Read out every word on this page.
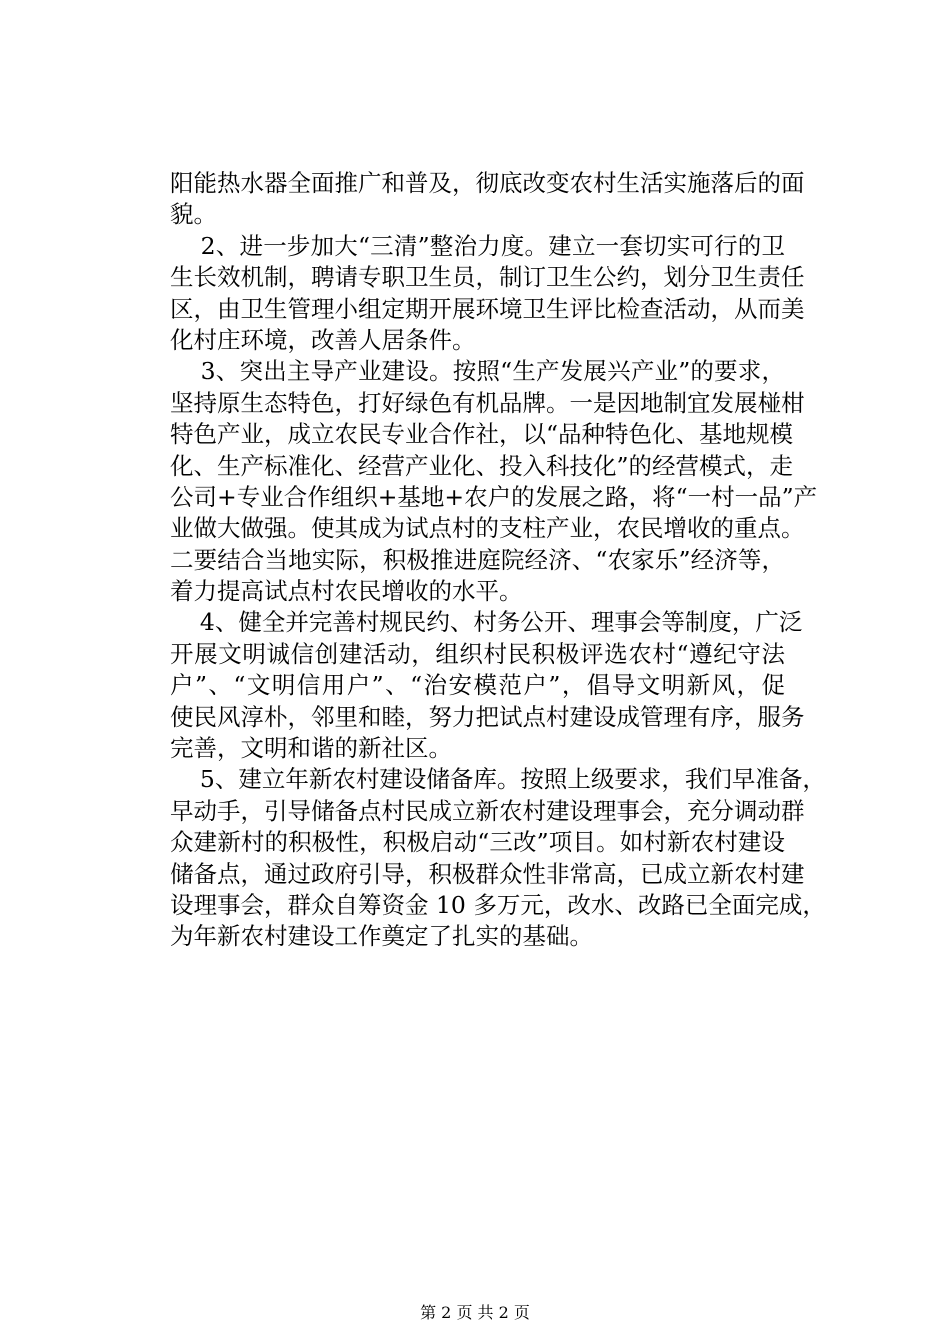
阳能热水器全面推广和普及，彻底改变农村生活实施落后的面
貌。
2、进一步加大“三清”整治力度。建立一套切实可行的卫
生长效机制，聘请专职卫生员，制订卫生公约，划分卫生责任
区，由卫生管理小组定期开展环境卫生评比检查活动，从而美
化村庄环境，改善人居条件。
3、突出主导产业建设。按照“生产发展兴产业”的要求，
坚持原生态特色，打好绿色有机品牌。一是因地制宜发展椪柑
特色产业，成立农民专业合作社，以“品种特色化、基地规模
化、生产标准化、经营产业化、投入科技化”的经营模式，走
公司+专业合作组织+基地+农户的发展之路，将“一村一品”产
业做大做强。使其成为试点村的支柱产业，农民增收的重点。
二要结合当地实际，积极推进庭院经济、“农家乐”经济等，
着力提高试点村农民增收的水平。
4、健全并完善村规民约、村务公开、理事会等制度，广泛
开展文明诚信创建活动，组织村民积极评选农村“遵纪守法
户”、“文明信用户”、“治安模范户”，倡导文明新风，促
使民风淳朴，邻里和睦，努力把试点村建设成管理有序，服务
完善，文明和谐的新社区。
5、建立年新农村建设储备库。按照上级要求，我们早准备，
早动手，引导储备点村民成立新农村建设理事会，充分调动群
众建新村的积极性，积极启动“三改”项目。如村新农村建设
储备点，通过政府引导，积极群众性非常高，已成立新农村建
设理事会，群众自筹资金 10 多万元，改水、改路已全面完成，
为年新农村建设工作奠定了扎实的基础。
第 2 页 共 2 页
